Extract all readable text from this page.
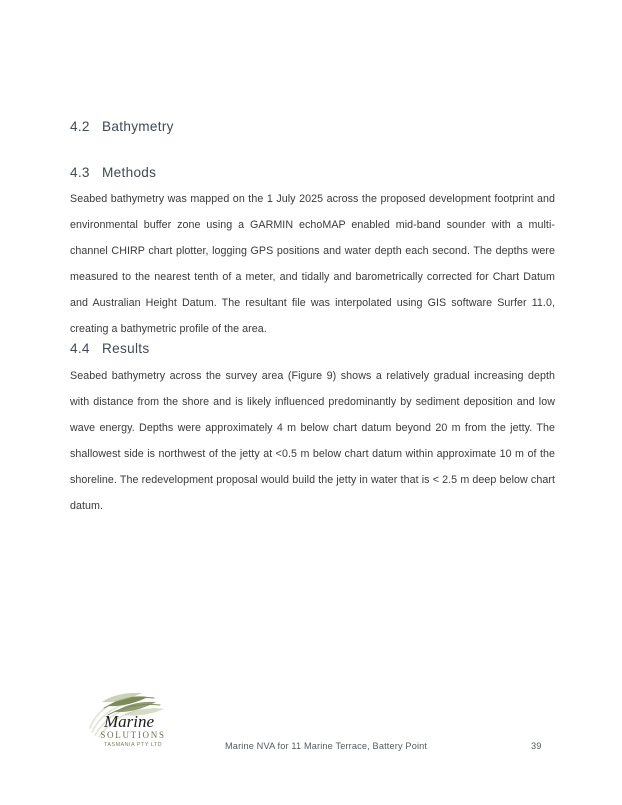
4.2   Bathymetry
4.3   Methods

Seabed bathymetry was mapped on the 1 July 2025 across the proposed development footprint and environmental buffer zone using a GARMIN echoMAP enabled mid-band sounder with a multi-channel CHIRP chart plotter, logging GPS positions and water depth each second. The depths were measured to the nearest tenth of a meter, and tidally and barometrically corrected for Chart Datum and Australian Height Datum. The resultant file was interpolated using GIS software Surfer 11.0, creating a bathymetric profile of the area.

4.4   Results

Seabed bathymetry across the survey area (Figure 9) shows a relatively gradual increasing depth with distance from the shore and is likely influenced predominantly by sediment deposition and low wave energy. Depths were approximately 4 m below chart datum beyond 20 m from the jetty. The shallowest side is northwest of the jetty at <0.5 m below chart datum within approximate 10 m of the shoreline. The redevelopment proposal would build the jetty in water that is < 2.5 m deep below chart datum.

Marine
SOLUTIONS
TASMANIA PTY LTD	Marine NVA for 11 Marine Terrace, Battery Point	39
